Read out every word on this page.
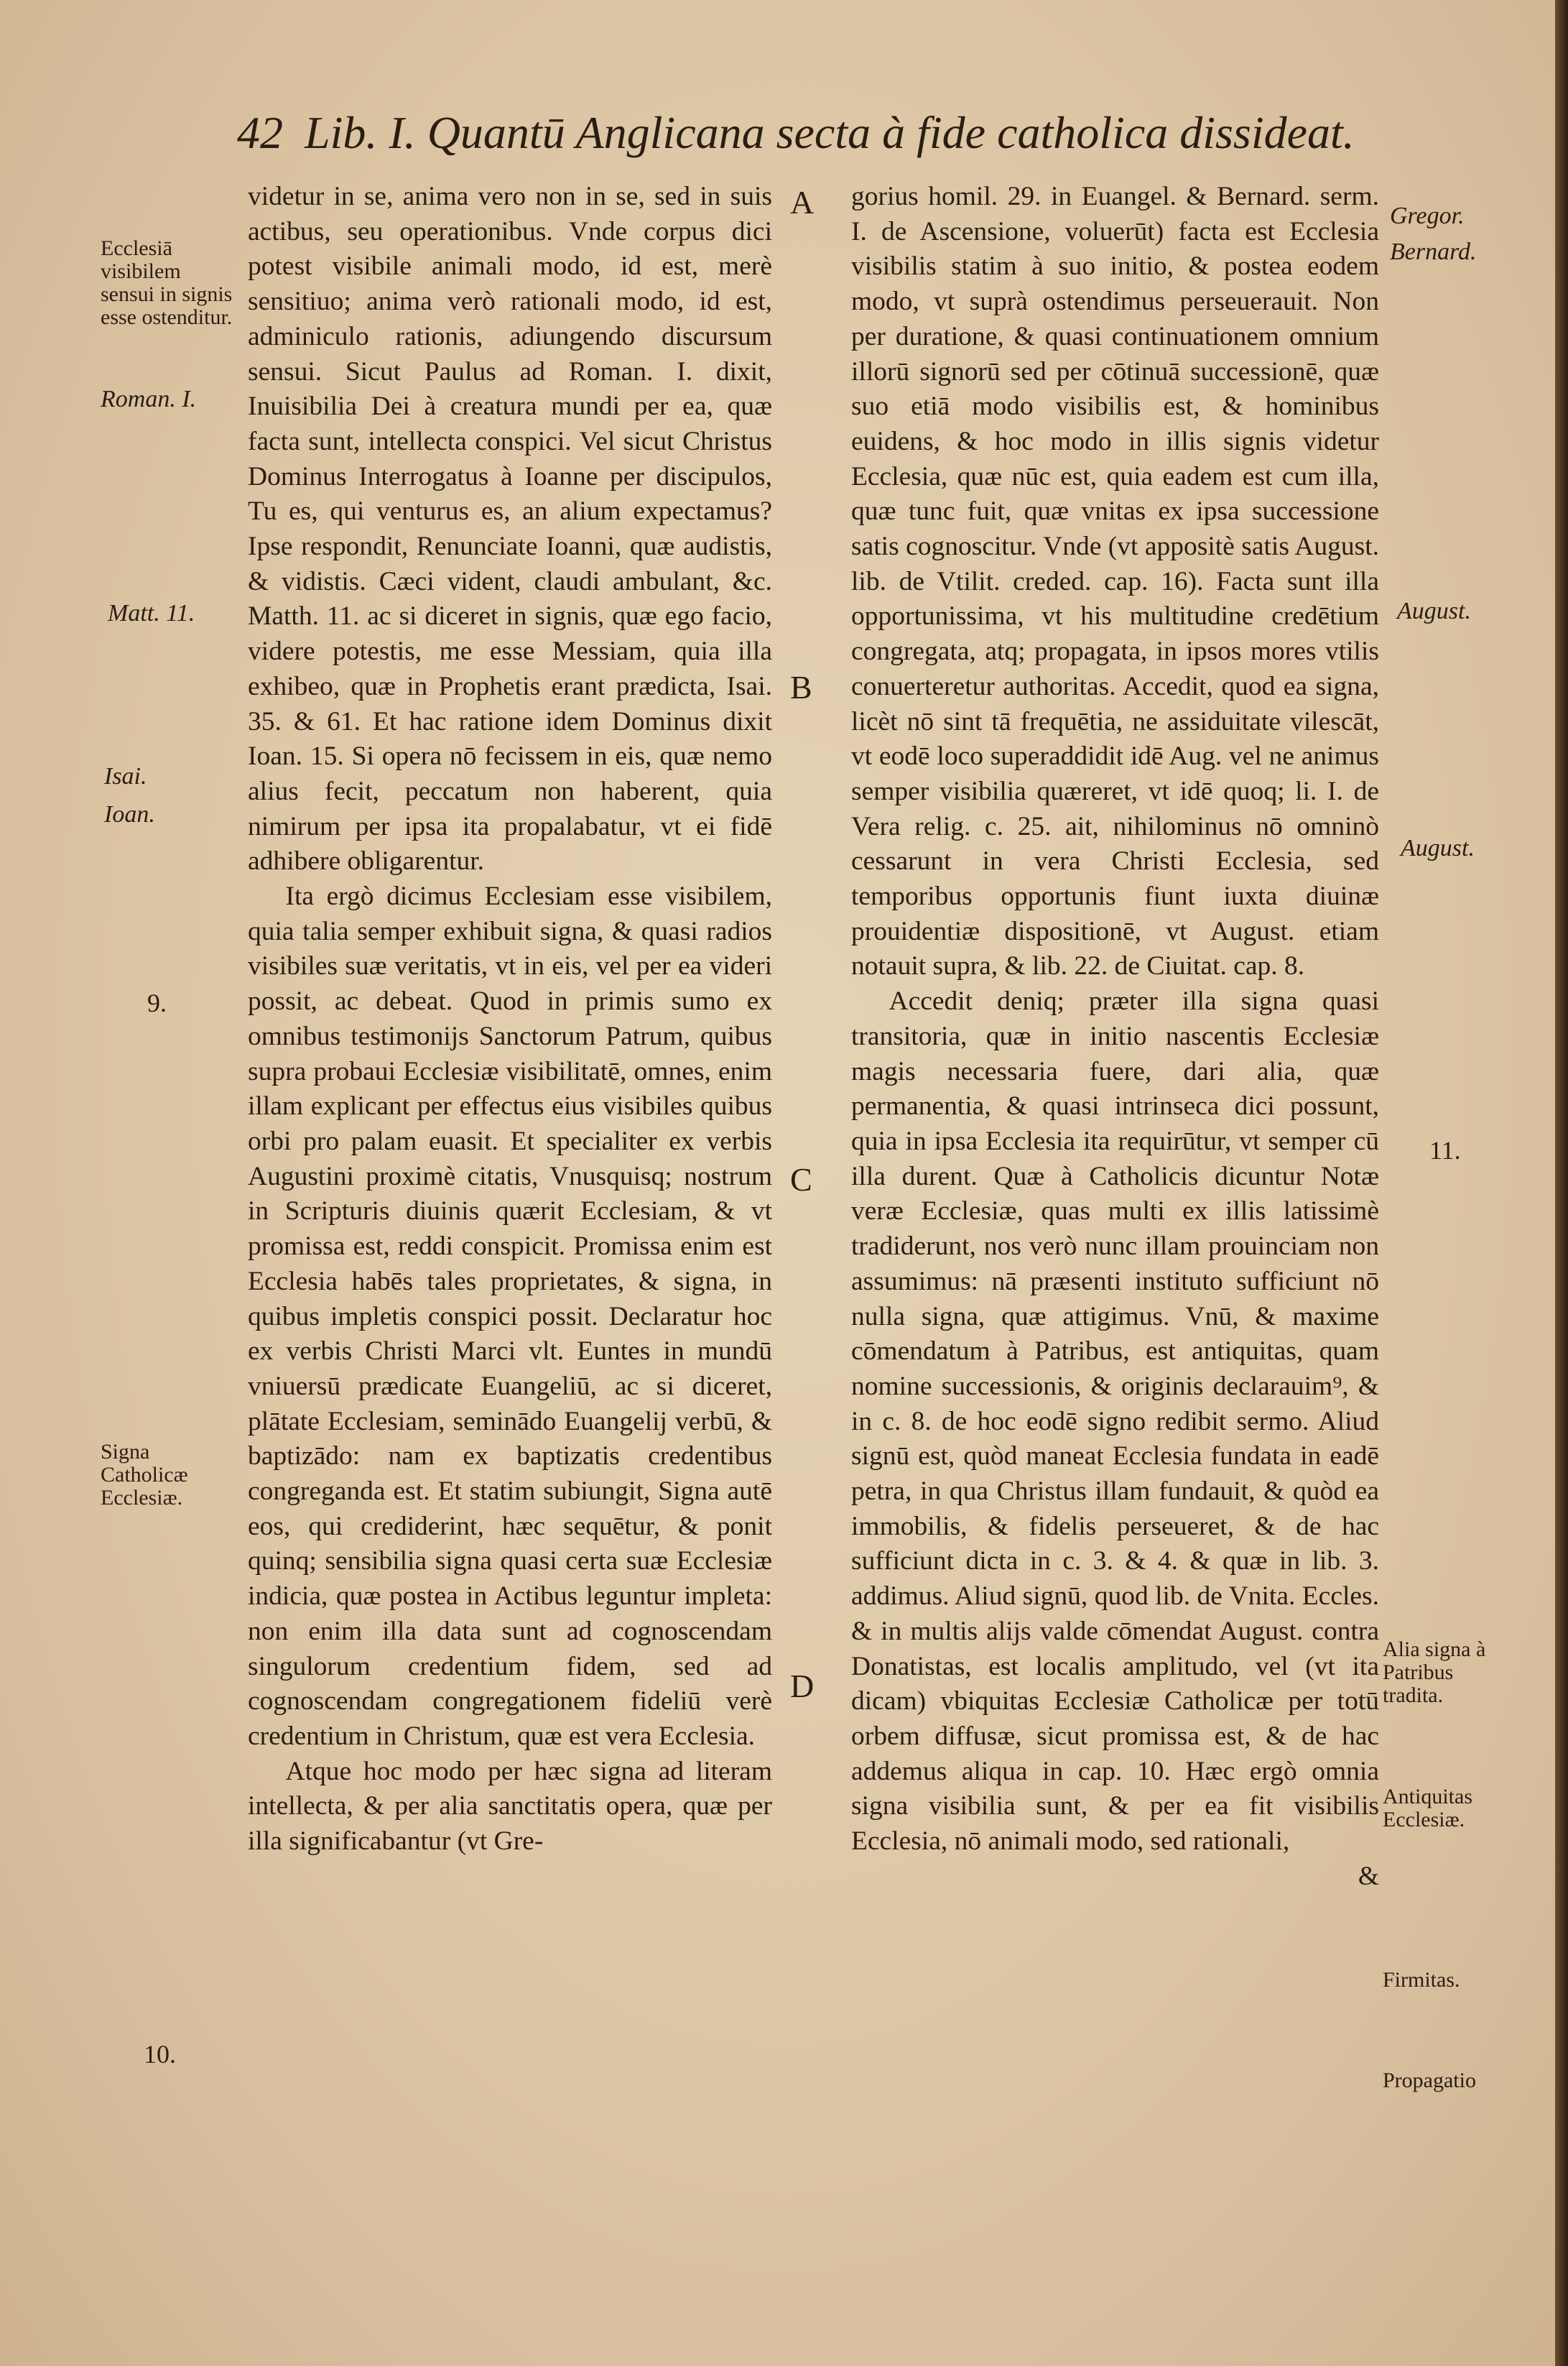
42 Lib. I. Quantū Anglicana secta à fide catholica dissideat.
Ecclesiā visibilem sensui in signis esse ostenditur.
Roman. I.
Matt. 11.
Isai.
Ioan.
9.
Signa Catholicæ Ecclesiæ.
10.
A
B
C
D

videtur in se, anima vero non in se, sed in suis actibus, seu operationibus. Vnde corpus dici potest visibile animali modo, id est, merè sensitiuo; anima verò rationali modo, id est, adminiculo rationis, adiungendo discursum sensui. Sicut Paulus ad Roman. I. dixit, Inuisibilia Dei à creatura mundi per ea, quæ facta sunt, intellecta conspici. Vel sicut Christus Dominus Interrogatus à Ioanne per discipulos, Tu es, qui venturus es, an alium expectamus? Ipse respondit, Renunciate Ioanni, quæ audistis, & vidistis. Cæci vident, claudi ambulant, &c. Matth. 11. ac si diceret in signis, quæ ego facio, videre potestis, me esse Messiam, quia illa exhibeo, quæ in Prophetis erant prædicta, Isai. 35. & 61. Et hac ratione idem Dominus dixit Ioan. 15. Si opera nō fecissem in eis, quæ nemo alius fecit, peccatum non haberent, quia nimirum per ipsa ita propalabatur, vt ei fidē adhibere obligarentur.

Ita ergò dicimus Ecclesiam esse visibilem, quia talia semper exhibuit signa, & quasi radios visibiles suæ veritatis, vt in eis, vel per ea videri possit, ac debeat. Quod in primis sumo ex omnibus testimonijs Sanctorum Patrum, quibus supra probaui Ecclesiæ visibilitatē, omnes, enim illam explicant per effectus eius visibiles quibus orbi pro palam euasit. Et specialiter ex verbis Augustini proximè citatis, Vnusquisq; nostrum in Scripturis diuinis quærit Ecclesiam, & vt promissa est, reddi conspicit. Promissa enim est Ecclesia habēs tales proprietates, & signa, in quibus impletis conspici possit. Declaratur hoc ex verbis Christi Marci vlt. Euntes in mundū vniuersū prædicate Euangeliū, ac si diceret, plātate Ecclesiam, seminādo Euangelij verbū, & baptizādo: nam ex baptizatis credentibus congreganda est. Et statim subiungit, Signa autē eos, qui crediderint, hæc sequētur, & ponit quinq; sensibilia signa quasi certa suæ Ecclesiæ indicia, quæ postea in Actibus leguntur impleta: non enim illa data sunt ad cognoscendam singulorum credentium fidem, sed ad cognoscendam congregationem fideliū verè credentium in Christum, quæ est vera Ecclesia.

Atque hoc modo per hæc signa ad literam intellecta, & per alia sanctitatis opera, quæ per illa significabantur (vt Gre-

gorius homil. 29. in Euangel. & Bernard. serm. I. de Ascensione, voluerūt) facta est Ecclesia visibilis statim à suo initio, & postea eodem modo, vt suprà ostendimus perseuerauit. Non per duratione, & quasi continuationem omnium illorū signorū sed per cōtinuā successionē, quæ suo etiā modo visibilis est, & hominibus euidens, & hoc modo in illis signis videtur Ecclesia, quæ nūc est, quia eadem est cum illa, quæ tunc fuit, quæ vnitas ex ipsa successione satis cognoscitur. Vnde (vt appositè satis August. lib. de Vtilit. creded. cap. 16). Facta sunt illa opportunissima, vt his multitudine credētium congregata, atq; propagata, in ipsos mores vtilis conuerteretur authoritas. Accedit, quod ea signa, licèt nō sint tā frequētia, ne assiduitate vilescāt, vt eodē loco superaddidit idē Aug. vel ne animus semper visibilia quæreret, vt idē quoq; li. I. de Vera relig. c. 25. ait, nihilominus nō omninò cessarunt in vera Christi Ecclesia, sed temporibus opportunis fiunt iuxta diuinæ prouidentiæ dispositionē, vt August. etiam notauit supra, & lib. 22. de Ciuitat. cap. 8.

Accedit deniq; præter illa signa quasi transitoria, quæ in initio nascentis Ecclesiæ magis necessaria fuere, dari alia, quæ permanentia, & quasi intrinseca dici possunt, quia in ipsa Ecclesia ita requirūtur, vt semper cū illa durent. Quæ à Catholicis dicuntur Notæ veræ Ecclesiæ, quas multi ex illis latissimè tradiderunt, nos verò nunc illam prouinciam non assumimus: nā præsenti instituto sufficiunt nō nulla signa, quæ attigimus. Vnū, & maxime cōmendatum à Patribus, est antiquitas, quam nomine successionis, & originis declarauim⁹, & in c. 8. de hoc eodē signo redibit sermo. Aliud signū est, quòd maneat Ecclesia fundata in eadē petra, in qua Christus illam fundauit, & quòd ea immobilis, & fidelis perseueret, & de hac sufficiunt dicta in c. 3. & 4. & quæ in lib. 3. addimus. Aliud signū, quod lib. de Vnita. Eccles. & in multis alijs valde cōmendat August. contra Donatistas, est localis amplitudo, vel (vt ita dicam) vbiquitas Ecclesiæ Catholicæ per totū orbem diffusæ, sicut promissa est, & de hac addemus aliqua in cap. 10. Hæc ergò omnia signa visibilia sunt, & per ea fit visibilis Ecclesia, nō animali modo, sed rationali,

&

Gregor.
Bernard.
August.
August.
11.
Alia signa à Patribus tradita.
Antiquitas Ecclesiæ.
Firmitas.
Propagatio
